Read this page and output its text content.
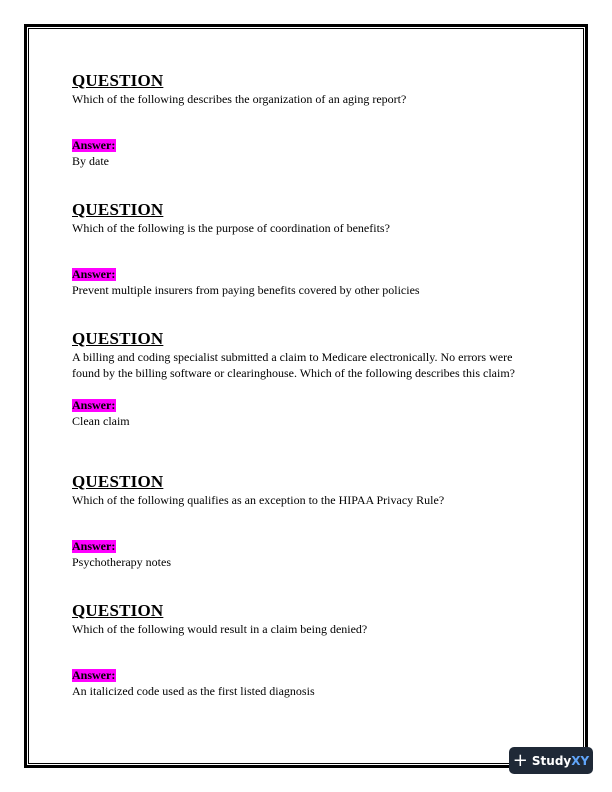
QUESTION
Which of the following describes the organization of an aging report?
Answer:
By date
QUESTION
Which of the following is the purpose of coordination of benefits?
Answer:
Prevent multiple insurers from paying benefits covered by other policies
QUESTION
A billing and coding specialist submitted a claim to Medicare electronically. No errors were found by the billing software or clearinghouse. Which of the following describes this claim?
Answer:
Clean claim
QUESTION
Which of the following qualifies as an exception to the HIPAA Privacy Rule?
Answer:
Psychotherapy notes
QUESTION
Which of the following would result in a claim being denied?
Answer:
An italicized code used as the first listed diagnosis
+ StudyXY
